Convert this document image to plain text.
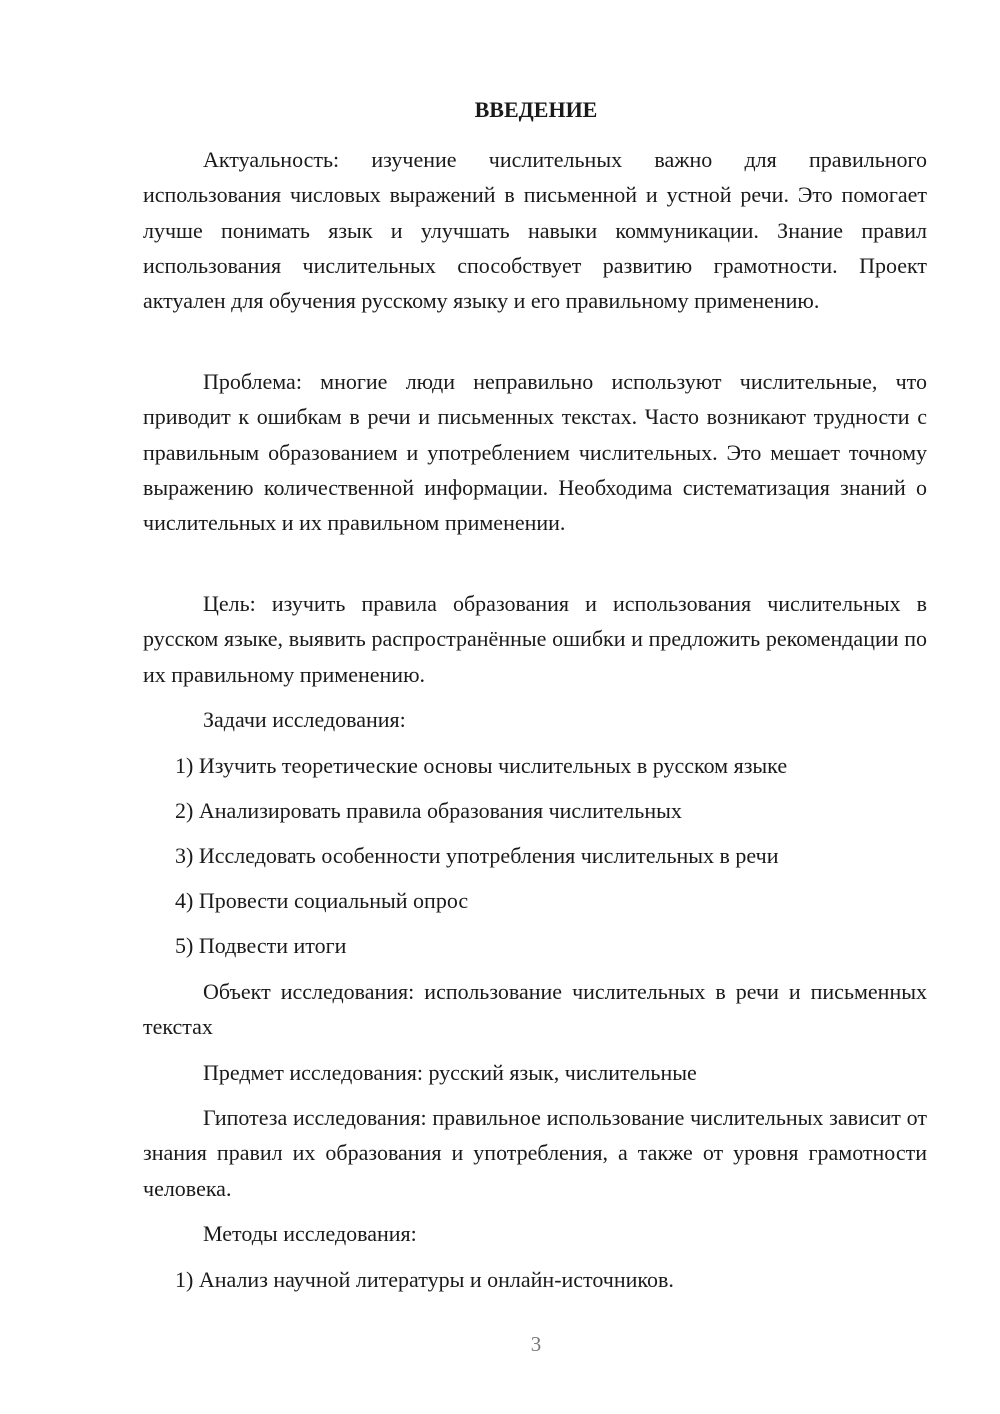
ВВЕДЕНИЕ

Актуальность: изучение числительных важно для правильного использования числовых выражений в письменной и устной речи. Это помогает лучше понимать язык и улучшать навыки коммуникации. Знание правил использования числительных способствует развитию грамотности. Проект актуален для обучения русскому языку и его правильному применению.

Проблема: многие люди неправильно используют числительные, что приводит к ошибкам в речи и письменных текстах. Часто возникают трудности с правильным образованием и употреблением числительных. Это мешает точному выражению количественной информации. Необходима систематизация знаний о числительных и их правильном применении.

Цель: изучить правила образования и использования числительных в русском языке, выявить распространённые ошибки и предложить рекомендации по их правильному применению.

Задачи исследования:
1) Изучить теоретические основы числительных в русском языке
2) Анализировать правила образования числительных
3) Исследовать особенности употребления числительных в речи
4) Провести социальный опрос
5) Подвести итоги

Объект исследования: использование числительных в речи и письменных текстах

Предмет исследования: русский язык, числительные

Гипотеза исследования: правильное использование числительных зависит от знания правил их образования и употребления, а также от уровня грамотности человека.

Методы исследования:
1) Анализ научной литературы и онлайн-источников.
3
